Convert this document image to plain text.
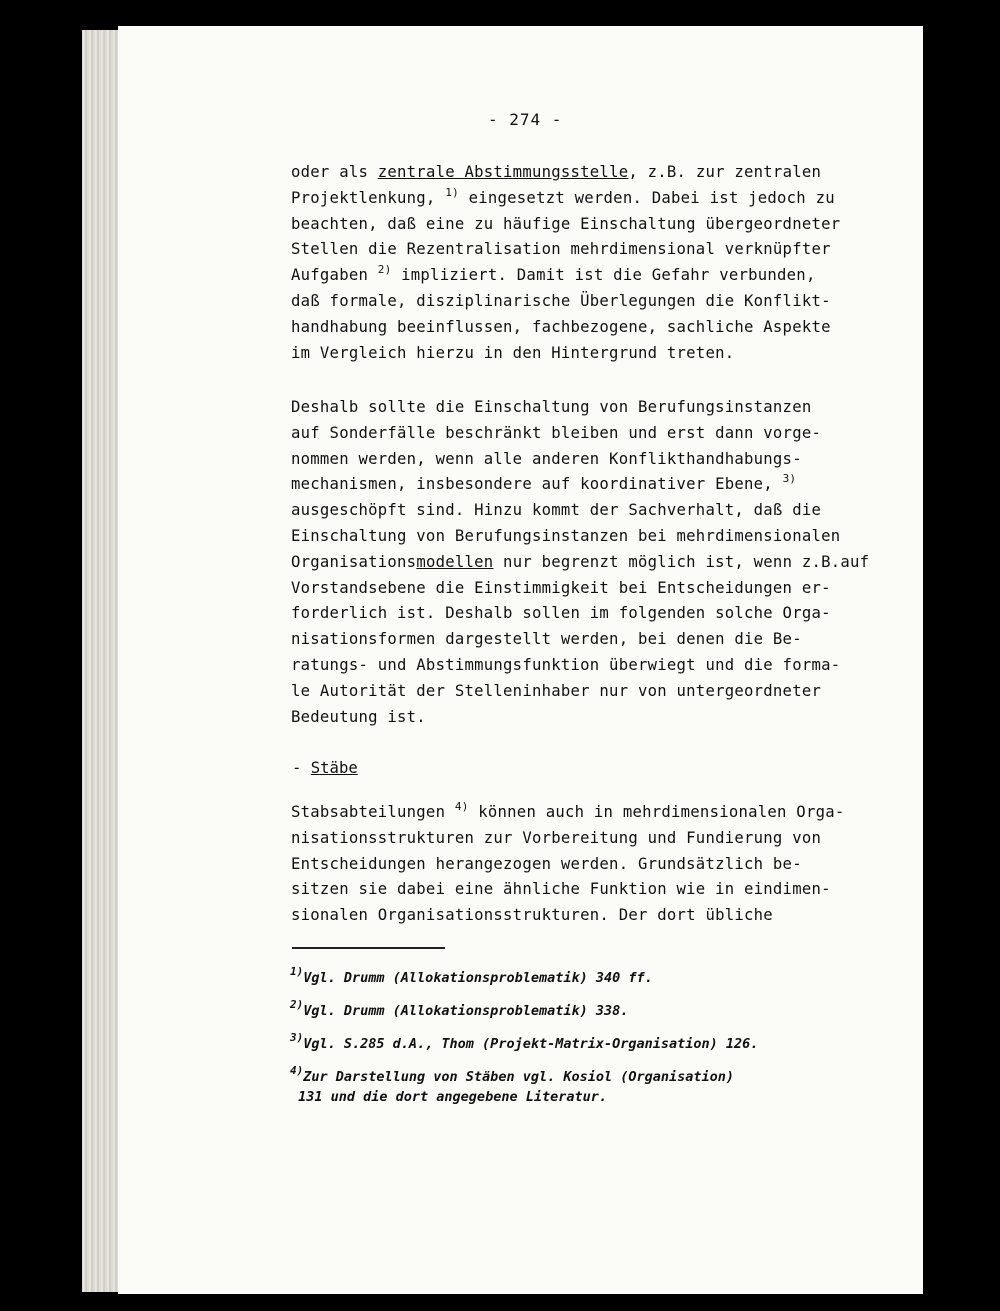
- 274 -
oder als zentrale Abstimmungsstelle, z.B. zur zentralen
Projektlenkung, $^{1)}$ eingesetzt werden. Dabei ist jedoch zu
beachten, daß eine zu häufige Einschaltung übergeordneter
Stellen die Rezentralisation mehrdimensional verknüpfter
Aufgaben $^{2)}$ impliziert. Damit ist die Gefahr verbunden,
daß formale, disziplinarische Überlegungen die Konflikt-
handhabung beeinflussen, fachbezogene, sachliche Aspekte
im Vergleich hierzu in den Hintergrund treten.
Deshalb sollte die Einschaltung von Berufungsinstanzen
auf Sonderfälle beschränkt bleiben und erst dann vorge-
nommen werden, wenn alle anderen Konflikthandhabungs-
mechanismen, insbesondere auf koordinativer Ebene, $^{3)}$
ausgeschöpft sind. Hinzu kommt der Sachverhalt, daß die
Einschaltung von Berufungsinstanzen bei mehrdimensionalen
Organisationsmodellen nur begrenzt möglich ist, wenn z.B.auf
Vorstandsebene die Einstimmigkeit bei Entscheidungen er-
forderlich ist. Deshalb sollen im folgenden solche Orga-
nisationsformen dargestellt werden, bei denen die Be-
ratungs- und Abstimmungsfunktion überwiegt und die forma-
le Autorität der Stelleninhaber nur von untergeordneter
Bedeutung ist.
- Stäbe
Stabsabteilungen $^{4)}$ können auch in mehrdimensionalen Orga-
nisationsstrukturen zur Vorbereitung und Fundierung von
Entscheidungen herangezogen werden. Grundsätzlich be-
sitzen sie dabei eine ähnliche Funktion wie in eindimen-
sionalen Organisationsstrukturen. Der dort übliche
$^{1)}$Vgl. Drumm (Allokationsproblematik) 340 ff.
$^{2)}$Vgl. Drumm (Allokationsproblematik) 338.
$^{3)}$Vgl. S.285 d.A., Thom (Projekt-Matrix-Organisation) 126.
$^{4)}$Zur Darstellung von Stäben vgl. Kosiol (Organisation)
131 und die dort angegebene Literatur.
